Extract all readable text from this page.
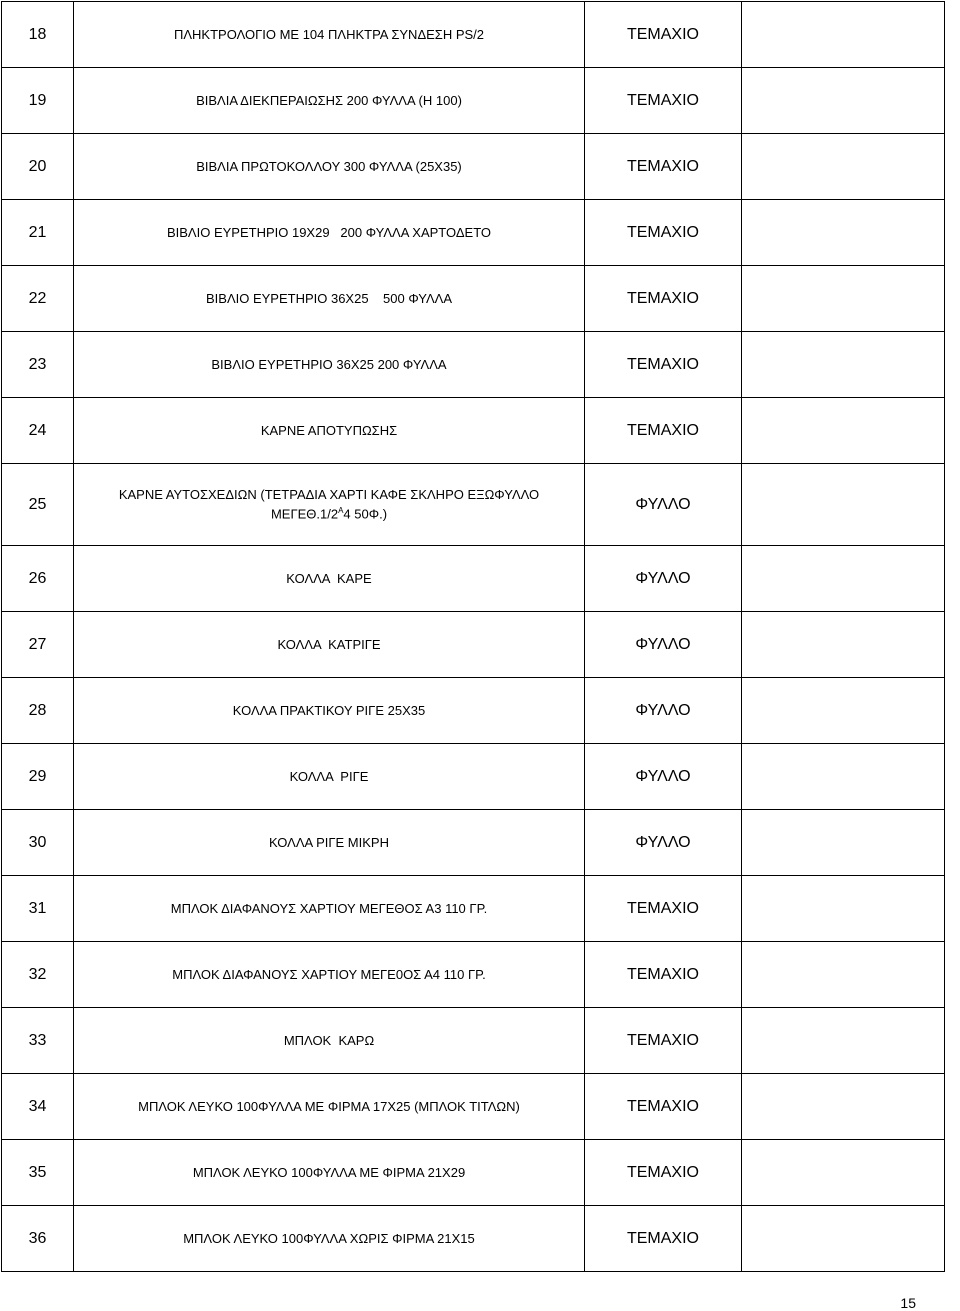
18	ΠΛΗΚΤΡΟΛΟΓΙΟ ΜΕ 104 ΠΛΗΚΤΡΑ ΣΥΝΔΕΣΗ PS/2	ΤΕΜΑΧΙΟ	
19	ΒΙΒΛΙΑ ΔΙΕΚΠΕΡΑΙΩΣΗΣ 200 ΦΥΛΛΑ (Η 100)	ΤΕΜΑΧΙΟ	
20	ΒΙΒΛΙΑ ΠΡΩΤΟΚΟΛΛΟΥ 300 ΦΥΛΛΑ (25Χ35)	ΤΕΜΑΧΙΟ	
21	ΒΙΒΛΙΟ ΕΥΡΕΤΗΡΙΟ 19Χ29   200 ΦΥΛΛΑ ΧΑΡΤΟΔΕΤΟ	ΤΕΜΑΧΙΟ	
22	ΒΙΒΛΙΟ ΕΥΡΕΤΗΡΙΟ 36Χ25    500 ΦΥΛΛΑ	ΤΕΜΑΧΙΟ	
23	ΒΙΒΛΙΟ ΕΥΡΕΤΗΡΙΟ 36Χ25 200 ΦΥΛΛΑ	ΤΕΜΑΧΙΟ	
24	ΚΑΡΝΕ ΑΠΟΤΥΠΩΣΗΣ	ΤΕΜΑΧΙΟ	
25	ΚΑΡΝΕ ΑΥΤΟΣΧΕΔΙΩΝ (ΤΕΤΡΑΔΙΑ ΧΑΡΤΙ ΚΑΦΕ ΣΚΛΗΡΟ ΕΞΩΦΥΛΛΟ
$ME\Gamma E\Theta.1/2^A4$ 50Φ.)	ΦΥΛΛΟ	
26	ΚΟΛΛΑ  ΚΑΡΕ	ΦΥΛΛΟ	
27	ΚΟΛΛΑ  ΚΑΤΡΙΓΕ	ΦΥΛΛΟ	
28	ΚΟΛΛΑ ΠΡΑΚΤΙΚΟΥ ΡΙΓΕ 25Χ35	ΦΥΛΛΟ	
29	ΚΟΛΛΑ  ΡΙΓΕ	ΦΥΛΛΟ	
30	ΚΟΛΛΑ ΡΙΓΕ ΜΙΚΡΗ	ΦΥΛΛΟ	
31	ΜΠΛΟΚ ΔΙΑΦΑΝΟΥΣ ΧΑΡΤΙΟΥ ΜΕΓΕΘΟΣ Α3 110 ΓΡ.	ΤΕΜΑΧΙΟ	
32	ΜΠΛΟΚ ΔΙΑΦΑΝΟΥΣ ΧΑΡΤΙΟΥ ΜΕΓΕ0ΟΣ Α4 110 ΓΡ.	ΤΕΜΑΧΙΟ	
33	ΜΠΛΟΚ  ΚΑΡΩ	ΤΕΜΑΧΙΟ	
34	ΜΠΛΟΚ ΛΕΥΚΟ 100ΦΥΛΛΑ ΜΕ ΦΙΡΜΑ 17Χ25 (ΜΠΛΟΚ ΤΙΤΛΩΝ)	ΤΕΜΑΧΙΟ	
35	ΜΠΛΟΚ ΛΕΥΚΟ 100ΦΥΛΛΑ ΜΕ ΦΙΡΜΑ 21Χ29	ΤΕΜΑΧΙΟ	
36	ΜΠΛΟΚ ΛΕΥΚΟ 100ΦΥΛΛΑ ΧΩΡΙΣ ΦΙΡΜΑ 21Χ15	ΤΕΜΑΧΙΟ	
15
